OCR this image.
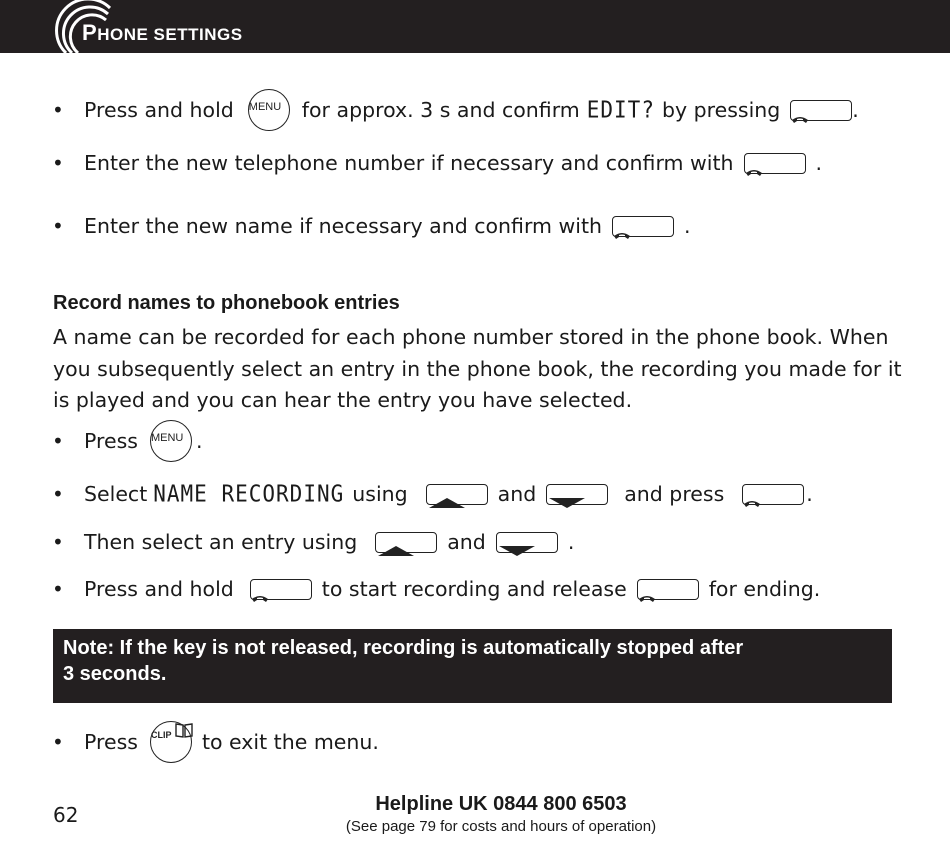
PHONE SETTINGS
• Press and hold MENU	for approx. 3 s and confirm EDIT? by pressing	.
• Enter the new telephone number if necessary and confirm with	.
• Enter the new name if necessary and confirm with	.
Record names to phonebook entries
A name can be recorded for each phone number stored in the phone book. When you subsequently select an entry in the phone book, the recording you made for it is played and you can hear the entry you have selected.
• Press MENU .
• Select NAME RECORDING using	and	and press	.
• Then select an entry using	and	.
• Press and hold	to start recording and release	for ending.
Note: If the key is not released, recording is automatically stopped after
3 seconds.
• Press CLIP	to exit the menu.
62	Helpline UK 0844 800 6503
(See page 79 for costs and hours of operation)
